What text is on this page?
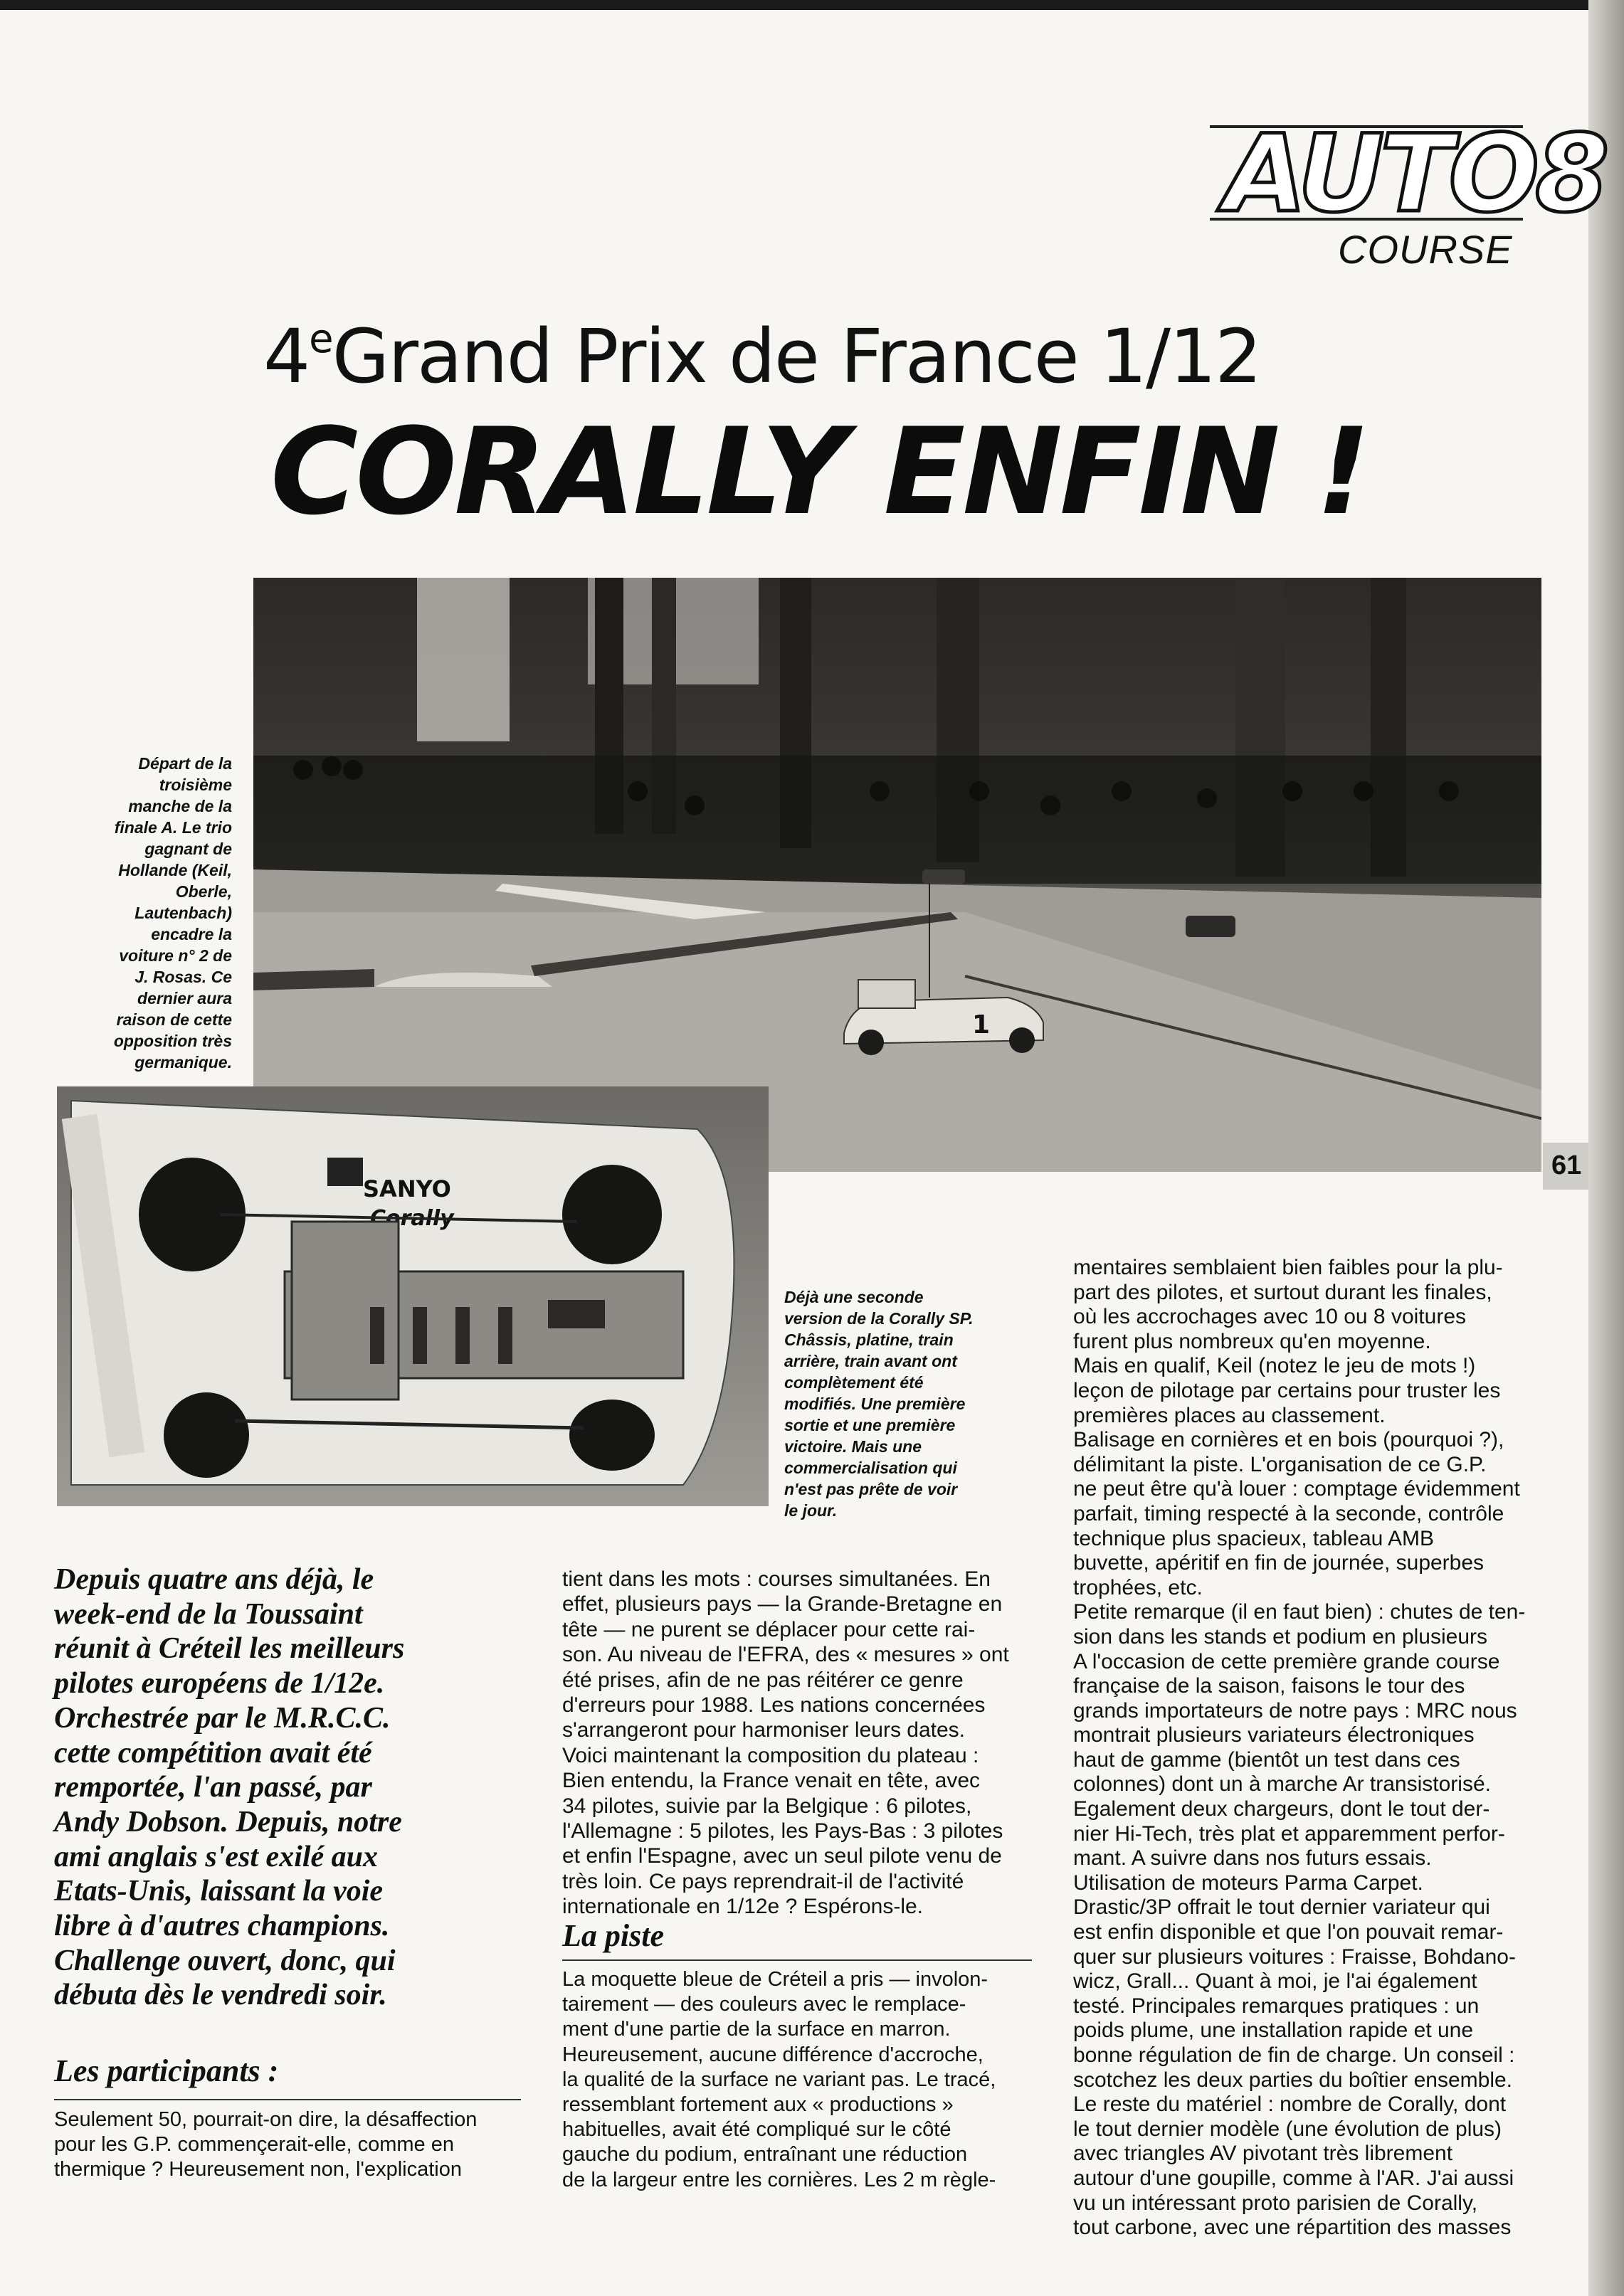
AUTO8
COURSE
4eGrand Prix de France 1/12
CORALLY ENFIN !
1
Départ de la
troisième
manche de la
finale A. Le trio
gagnant de
Hollande (Keil,
Oberle,
Lautenbach)
encadre la
voiture n° 2 de
J. Rosas. Ce
dernier aura
raison de cette
opposition très
germanique.
SANYO
Déjà une seconde
version de la Corally SP.
Châssis, platine, train
arrière, train avant ont
complètement été
modifiés. Une première
sortie et une première
victoire. Mais une
commercialisation qui
n'est pas prête de voir
le jour.
61
Depuis quatre ans déjà, le
week-end de la Toussaint
réunit à Créteil les meilleurs
pilotes européens de 1/12e.
Orchestrée par le M.R.C.C.
cette compétition avait été
remportée, l'an passé, par
Andy Dobson. Depuis, notre
ami anglais s'est exilé aux
Etats-Unis, laissant la voie
libre à d'autres champions.
Challenge ouvert, donc, qui
débuta dès le vendredi soir.
Les participants :
Seulement 50, pourrait-on dire, la désaffection
pour les G.P. commençerait-elle, comme en
thermique ? Heureusement non, l'explication
tient dans les mots : courses simultanées. En
effet, plusieurs pays — la Grande-Bretagne en
tête — ne purent se déplacer pour cette rai-
son. Au niveau de l'EFRA, des « mesures » ont
été prises, afin de ne pas réitérer ce genre
d'erreurs pour 1988. Les nations concernées
s'arrangeront pour harmoniser leurs dates.
Voici maintenant la composition du plateau :
Bien entendu, la France venait en tête, avec
34 pilotes, suivie par la Belgique : 6 pilotes,
l'Allemagne : 5 pilotes, les Pays-Bas : 3 pilotes
et enfin l'Espagne, avec un seul pilote venu de
très loin. Ce pays reprendrait-il de l'activité
internationale en 1/12e ? Espérons-le.
La piste
La moquette bleue de Créteil a pris — involon-
tairement — des couleurs avec le remplace-
ment d'une partie de la surface en marron.
Heureusement, aucune différence d'accroche,
la qualité de la surface ne variant pas. Le tracé,
ressemblant fortement aux « productions »
habituelles, avait été compliqué sur le côté
gauche du podium, entraînant une réduction
de la largeur entre les cornières. Les 2 m règle-
mentaires semblaient bien faibles pour la plu-
part des pilotes, et surtout durant les finales,
où les accrochages avec 10 ou 8 voitures
furent plus nombreux qu'en moyenne.
Mais en qualif, Keil (notez le jeu de mots !)
leçon de pilotage par certains pour truster les
premières places au classement.
Balisage en cornières et en bois (pourquoi ?),
délimitant la piste. L'organisation de ce G.P.
ne peut être qu'à louer : comptage évidemment
parfait, timing respecté à la seconde, contrôle
technique plus spacieux, tableau AMB
buvette, apéritif en fin de journée, superbes
trophées, etc.
Petite remarque (il en faut bien) : chutes de ten-
sion dans les stands et podium en plusieurs
A l'occasion de cette première grande course
française de la saison, faisons le tour des
grands importateurs de notre pays : MRC nous
montrait plusieurs variateurs électroniques
haut de gamme (bientôt un test dans ces
colonnes) dont un à marche Ar transistorisé.
Egalement deux chargeurs, dont le tout der-
nier Hi-Tech, très plat et apparemment perfor-
mant. A suivre dans nos futurs essais.
Utilisation de moteurs Parma Carpet.
Drastic/3P offrait le tout dernier variateur qui
est enfin disponible et que l'on pouvait remar-
quer sur plusieurs voitures : Fraisse, Bohdano-
wicz, Grall... Quant à moi, je l'ai également
testé. Principales remarques pratiques : un
poids plume, une installation rapide et une
bonne régulation de fin de charge. Un conseil :
scotchez les deux parties du boîtier ensemble.
Le reste du matériel : nombre de Corally, dont
le tout dernier modèle (une évolution de plus)
avec triangles AV pivotant très librement
autour d'une goupille, comme à l'AR. J'ai aussi
vu un intéressant proto parisien de Corally,
tout carbone, avec une répartition des masses
